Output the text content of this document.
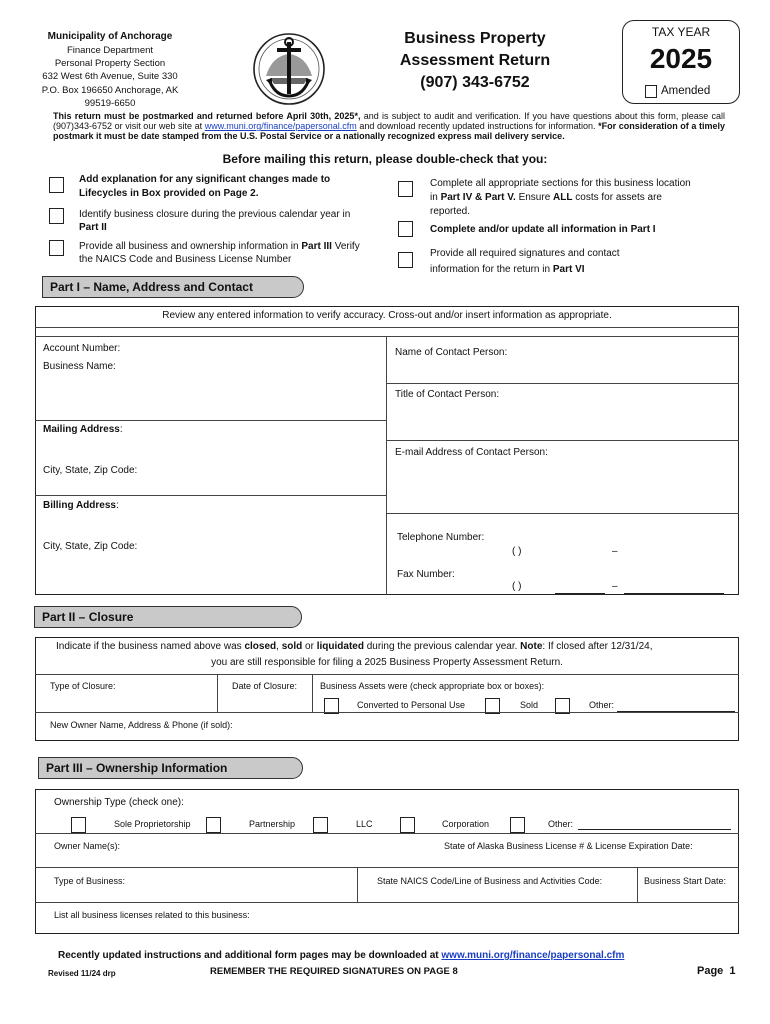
Municipality of Anchorage
Finance Department
Personal Property Section
632 West 6th Avenue, Suite 330
P.O. Box 196650 Anchorage, AK
99519-6650
Business Property
Assessment Return
(907) 343-6752
TAX YEAR
2025
Amended
This return must be postmarked and returned before April 30th, 2025*, and is subject to audit and verification. If you have questions about this form, please call (907)343-6752 or visit our web site at www.muni.org/finance/papersonal.cfm and download recently updated instructions for information. *For consideration of a timely postmark it must be date stamped from the U.S. Postal Service or a nationally recognized express mail delivery service.
Before mailing this return, please double-check that you:
Add explanation for any significant changes made to Lifecycles in Box provided on Page 2.
Identify business closure during the previous calendar year in Part II
Provide all business and ownership information in Part III Verify the NAICS Code and Business License Number
Complete all appropriate sections for this business location in Part IV & Part V. Ensure ALL costs for assets are reported.
Complete and/or update all information in Part I
Provide all required signatures and contact information for the return in Part VI
Part I – Name, Address and Contact
Review any entered information to verify accuracy. Cross-out and/or insert information as appropriate.
Account Number:
Business Name:
Mailing Address:
City, State, Zip Code:
Billing Address:
City, State, Zip Code:
Name of Contact Person:
Title of Contact Person:
E-mail Address of Contact Person:
Telephone Number:
( )	–
Fax Number:
( )	–
Part II – Closure
Indicate if the business named above was closed, sold or liquidated during the previous calendar year. Note: If closed after 12/31/24,
you are still responsible for filing a 2025 Business Property Assessment Return.
Type of Closure:	Date of Closure:	Business Assets were (check appropriate box or boxes):
Converted to Personal Use	Sold	Other:
New Owner Name, Address & Phone (if sold):
Part III – Ownership Information
Ownership Type (check one):
Sole Proprietorship	Partnership	LLC	Corporation	Other:
Owner Name(s):	State of Alaska Business License # & License Expiration Date:
Type of Business:	State NAICS Code/Line of Business and Activities Code:	Business Start Date:
List all business licenses related to this business:
Recently updated instructions and additional form pages may be downloaded at www.muni.org/finance/papersonal.cfm
Revised 11/24 drp	REMEMBER THE REQUIRED SIGNATURES ON PAGE 8	Page  1
